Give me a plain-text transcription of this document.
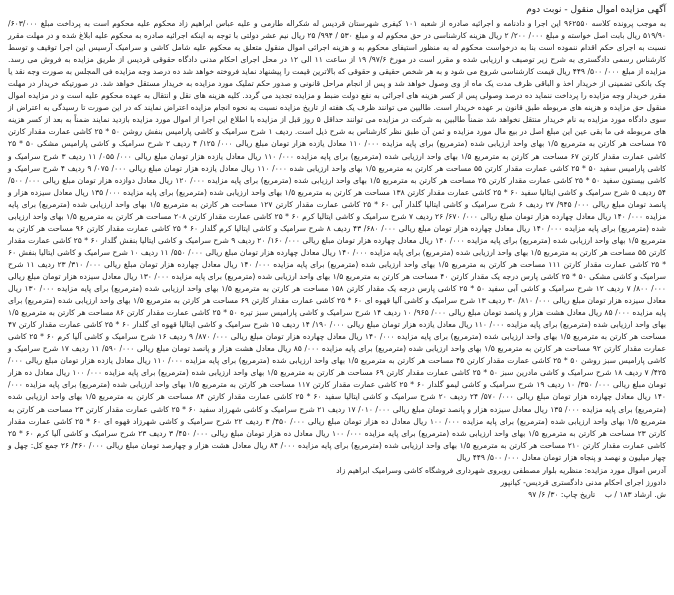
آگهی مزایده اموال منقول - نوبت دوم

به موجب پرونده کلاسه ۹۶۲۵۵۰ این اجرا و دادنامه و اجرائیه صادره از شعبه ۱۰۱ کیفری شهرستان قردیس له شکراله طارمی و علیه عباس ابراهیم زاد محکوم علیه محکوم است به پرداخت مبلغ ۶۰۳/۰۰۰/ ۵۱۹/۹۰ ریال بابت اصل خواسته و مبلغ ۰۰۰/ ۲۰۰/ ۲ ریال هزینه کارشناسی در حق محکوم له و مبلغ ۵۳۰ / ۹۹۴/ ۲۵ ریال نیم عشر دولتی با توجه به اینکه اجرائیه صادره به محکوم علیه ابلاغ شده و در مهلت مقرر نسبت به اجرای حکم اقدام ننموده است بنا به درخواست محکوم له به منظور استیفای محکوم به و هزینه اجرائی اموال منقول متعلق به محکوم علیه شامل کاشی و سرامیک آرسیس این اجرا توقیف و توسط کارشناس رسمی دادگستری به شرح زیر توصیف و ارزیابی شده و مقرر است در مورخ ۹۷/۶/ ۱۹ از ساعت ۱۱ الی ۱۲ در محل اجرای احکام مدنی دادگاه حقوقی قردیس از طریق مزایده به فروش می رسد. مزایده از مبلغ ۰۰۰/ ۵۰۰/ ۴۴۹ ریال قیمت کارشناسی شروع می شود و به هر شخص حقیقی و حقوقی که بالاترین قیمت را پیشنهاد نماید فروخته خواهد شد ده درصد وجه مزایده فی المجلس به صورت وجه نقد یا چک بانکی تضمینی از خریدار اخذ و الباقی ظرف مدت یک ماه از وی وصول خواهد شد و پس از انجام مراحل قانونی و صدور حکم تملیک مورد مزایده به خریدار مستقل خواهد شد. در صورتیکه خریدار در مهلت مقرر خریدار وجه مزایده را پرداخت ننماید ده درصد وصولی پس از کسر هزینه های اجرائی به نفع دولت ضبط و مزایده تجدید می گردد. کلیه هزینه های نقل و انتقال به عهده محکوم علیه است و در مزایده اموال منقول حق مزایده و هزینه های مربوطه طبق قانون بر عهده خریدار است. طالبین می توانند ظرف یک هفته از تاریخ مزایده نسبت به نحوه انجام مزایده اعتراض نمایند که در این صورت تا رسیدگی به اعتراض از سوی دادگاه مورد مزایده به نام خریدار منتقل نخواهد شد ضمناً طالبین به شرکت در مزایده می توانند حداقل ۵ روز قبل از مزایده با اطلاع این اجرا از اموال مورد مزایده بازدید نمایند ضمناً به بعد از کسر هزینه های مربوطه فی ما بقی عین این مبلغ اصل در بیع مال مورد مزایده و ثمن آن طبق نظر کارشناس به شرح ذیل است. ردیف ۱ شرح سرامیک و کاشی پارامیس بنفش روشن ۵۰ * ۲۵ کاشی عمارت مقدار کارتن ۲۵ مساحت هر کارتن به مترمربع ۱/۵ بهای واحد ارزیابی شده (مترمربع) برای پایه مزایده ۰۰۰/ ۱۱۰ معادل یازده هزار تومان مبلغ ریالی ۰۰۰/ ۱۲۵/ ۴ ردیف ۲ شرح سرامیک و کاشی پارامیس مشکی ۵۰ * ۲۵ کاشی عمارت مقدار کارتن ۶۷ مساحت هر کارتن به مترمربع ۱/۵ بهای واحد ارزیابی شده (مترمربع) برای پایه مزایده ۰۰۰/ ۱۱۰ ریال معادل یازده هزار تومان مبلغ ریالی ۰۰۰/ ۰۵۵/ ۱۱ ردیف ۳ شرح سرامیک و کاشی پارامیس سفید ۵۰ * ۲۵ کاشی عمارت مقدار کارتن ۵۵ مساحت هر کارتن به مترمربع ۱/۵ بهای واحد ارزیابی شده ۰۰۰/ ۱۱۰ ریال معادل یازده هزار تومان مبلغ ریالی ۰۰۰/ ۰۷۵/ ۹ ردیف ۴ شرح سرامیک و کاشی بیستون سفید ۵۰ * ۲۵ کاشی عمارت مقدار کارتن ۲۵ مساحت هر کارتن به مترمربع ۱/۵ بهای واحد ارزیابی شده (مترمربع) برای پایه مزایده ۰۰۰/ ۱۲۰ ریال معادل دوازده هزار تومان مبلغ ریالی ۰۰۰/ ۵۰۰/ ۵۴ ردیف ۵ شرح سرامیک و کاشی ایتالیا سفید ۶۰ * ۲۵ کاشی عمارت مقدار کارتن ۱۳۸ مساحت هر کارتن به مترمربع ۱/۵ بهای واحد ارزیابی شده (مترمربع) برای پایه مزایده ۰۰۰/ ۱۳۵ ریال معادل سیزده هزار و پانصد تومان مبلغ ریالی ۰۰۰/ ۹۴۵/ ۲۷ ردیف ۶ شرح سرامیک و کاشی ایتالیا گلدار آبی ۶۰ * ۲۵ کاشی عمارت مقدار کارتن ۱۲۷ مساحت هر کارتن به مترمربع ۱/۵ بهای واحد ارزیابی شده (مترمربع) برای پایه مزایده ۰۰۰/ ۱۴۰ ریال معادل چهارده هزار تومان مبلغ ریالی ۰۰۰/ ۶۷۰/ ۲۶ ردیف ۷ شرح سرامیک و کاشی ایتالیا کرم ۶۰ * ۲۵ کاشی عمارت مقدار کارتن ۲۰۸ مساحت هر کارتن به مترمربع ۱/۵ بهای واحد ارزیابی شده (مترمربع) برای پایه مزایده ۰۰۰/ ۱۴۰ ریال معادل چهارده هزار تومان مبلغ ریالی ۰۰۰/ ۶۸۰/ ۴۳ ردیف ۸ شرح سرامیک و کاشی ایتالیا کرم گلدار ۶۰ * ۲۵ کاشی عمارت مقدار کارتن ۹۶ مساحت هر کارتن به مترمربع ۱/۵ بهای واحد ارزیابی شده (مترمربع) برای پایه مزایده ۰۰۰/ ۱۴۰ ریال معادل چهارده هزار تومان مبلغ ریالی ۰۰۰/ ۱۶۰/ ۲۰ ردیف ۹ شرح سرامیک و کاشی ایتالیا بنفش گلدار ۶۰ * ۲۵ کاشی عمارت مقدار کارتن ۵۵ مساحت هر کارتن به مترمربع ۱/۵ بهای واحد ارزیابی شده (مترمربع) برای پایه مزایده ۰۰۰/ ۱۴۰ ریال معادل چهارده هزار تومان مبلغ ریالی ۰۰۰/ ۵۵۰/ ۱۱ ردیف ۱۰ شرح سرامیک و کاشی ایتالیا بنفش ۶۰ * ۲۵ کاشی عمارت مقدار کارتن ۱۱۱ مساحت هر کارتن به مترمربع ۱/۵ بهای واحد ارزیابی شده (مترمربع) برای پایه مزایده ۰۰۰/ ۱۴۰ ریال معادل چهارده هزار تومان مبلغ ریالی ۰۰۰/ ۳۱۰/ ۲۳ ردیف ۱۱ شرح سرامیک و کاشی مشکی ۵۰ * ۲۵ کاشی پارس درجه یک مقدار کارتن ۴۰ مساحت هر کارتن به مترمربع ۱/۵ بهای واحد ارزیابی شده (مترمربع) برای پایه مزایده ۰۰۰/ ۱۳۰ ریال معادل سیزده هزار تومان مبلغ ریالی ۰۰۰/ ۸۰۰/ ۷ ردیف ۱۲ شرح سرامیک و کاشی آبی سفید ۵۰ * ۲۵ کاشی پارس درجه یک مقدار کارتن ۱۵۸ مساحت هر کارتن به مترمربع ۱/۵ بهای واحد ارزیابی شده (مترمربع) برای پایه مزایده ۰۰۰/ ۱۳۰ ریال معادل سیزده هزار تومان مبلغ ریالی ۰۰۰/ ۸۱۰/ ۳۰ ردیف ۱۳ شرح سرامیک و کاشی آلیا قهوه ای ۶۰ * ۲۵ کاشی عمارت مقدار کارتن ۶۹ مساحت هر کارتن به مترمربع ۱/۵ بهای واحد ارزیابی شده (مترمربع) برای پایه مزایده ۰۰۰/ ۸۵ ریال معادل هشت هزار و پانصد تومان مبلغ ریالی ۰۰۰/ ۹۶۵/ ۱۰ ردیف ۱۴ شرح سرامیک و کاشی پارامیس سبز تیره ۵۰ * ۲۵ کاشی عمارت مقدار کارتن ۸۶ مساحت هر کارتن به مترمربع ۱/۵ بهای واحد ارزیابی شده (مترمربع) برای پایه مزایده ۰۰۰/ ۱۱۰ ریال معادل یازده هزار تومان مبلغ ریالی ۰۰۰/ ۱۹۰/ ۱۴ ردیف ۱۵ شرح سرامیک و کاشی ایتالیا قهوه ای گلدار ۶۰ * ۲۵ کاشی عمارت مقدار کارتن ۴۷ مساحت هر کارتن به مترمربع ۱/۵ بهای واحد ارزیابی شده (مترمربع) برای پایه مزایده ۰۰۰/ ۱۴۰ ریال معادل چهارده هزار تومان مبلغ ریالی ۰۰۰/ ۸۷۰/ ۹ ردیف ۱۶ شرح سرامیک و کاشی آلیا کرم ۶۰ * ۲۵ کاشی عمارت مقدار کارتن ۹۲ مساحت هر کارتن به مترمربع ۱/۵ بهای واحد ارزیابی شده (مترمربع) برای پایه مزایده ۰۰۰/ ۸۵ ریال معادل هشت هزار و پانصد تومان مبلغ ریالی ۰۰۰/ ۵۹۰/ ۱۱ ردیف ۱۷ شرح سرامیک و کاشی پارامیس سبز روشن ۵۰ * ۲۵ کاشی عمارت مقدار کارتن ۴۵ مساحت هر کارتن به مترمربع ۱/۵ بهای واحد ارزیابی شده (مترمربع) برای پایه مزایده ۰۰۰/ ۱۱۰ ریال معادل یازده هزار تومان مبلغ ریالی ۰۰۰/ ۴۲۵/ ۷ ردیف ۱۸ شرح سرامیک و کاشی مادرین سبز ۵۰ * ۲۵ کاشی عمارت مقدار کارتن ۶۹ مساحت هر کارتن به مترمربع ۱/۵ بهای واحد ارزیابی شده (مترمربع) برای پایه مزایده ۰۰۰/ ۱۰۰ ریال معادل ده هزار تومان مبلغ ریالی ۰۰۰/ ۳۵۰/ ۱۰ ردیف ۱۹ شرح سرامیک و کاشی لیمو گلدار ۶۰ * ۲۵ کاشی عمارت مقدار کارتن ۱۱۷ مساحت هر کارتن به مترمربع ۱/۵ بهای واحد ارزیابی شده (مترمربع) برای پایه مزایده ۰۰۰/ ۱۴۰ ریال معادل چهارده هزار تومان مبلغ ریالی ۰۰۰/ ۵۷۰/ ۲۴ ردیف ۲۰ شرح سرامیک و کاشی ایتالیا سفید ۶۰ * ۲۵ کاشی عمارت مقدار کارتن ۸۴ مساحت هر کارتن به مترمربع ۱/۵ بهای واحد ارزیابی شده (مترمربع) برای پایه مزایده ۰۰۰/ ۱۳۵ ریال معادل سیزده هزار و پانصد تومان مبلغ ریالی ۰۰۰/ ۰۱۰/ ۱۷ ردیف ۲۱ شرح سرامیک و کاشی شهرزاد سفید ۶۰ * ۲۵ کاشی عمارت مقدار کارتن ۲۳ مساحت هر کارتن به مترمربع ۱/۵ بهای واحد ارزیابی شده (مترمربع) برای پایه مزایده ۰۰۰/ ۱۰۰ ریال معادل ده هزار تومان مبلغ ریالی ۰۰۰/ ۴۵۰/ ۳ ردیف ۲۲ شرح سرامیک و کاشی شهرزاد قهوه ای ۶۰ * ۲۵ کاشی عمارت مقدار کارتن ۲۳ مساحت هر کارتن به مترمربع ۱/۵ بهای واحد ارزیابی شده (مترمربع) برای پایه مزایده ۰۰۰/ ۱۰۰ ریال معادل ده هزار تومان مبلغ ریالی ۰۰۰/ ۴۵۰/ ۳ ردیف ۲۳ شرح سرامیک و کاشی آلیا کرم ۶۰ * ۲۵ کاشی عمارت مقدار کارتن ۲۱۰ مساحت هر کارتن به مترمربع ۱/۵ بهای واحد ارزیابی شده (مترمربع) برای پایه مزایده ۰۰۰/ ۸۴ ریال معادل هشت هزار و چهارصد تومان مبلغ ریالی ۰۰۰/ ۴۶۰/ ۲۶ جمع کل: چهل و چهار میلیون و نهصد و پنجاه هزار تومان معادل ۰۰۰/ ۵۰۰/ ۴۴۹ ریال

آدرس اموال مورد مزایده: منظریه بلوار مصطفی روبروی شهرداری فروشگاه کاشی وسرامیک ابراهیم زاد
دادورز اجرای احکام مدنی دادگستری قردیس- کیانپور
ش. ارشاد ۱۸۳ / ب    تاریخ چاپ: ۳۰/ ۶/ ۹۷
